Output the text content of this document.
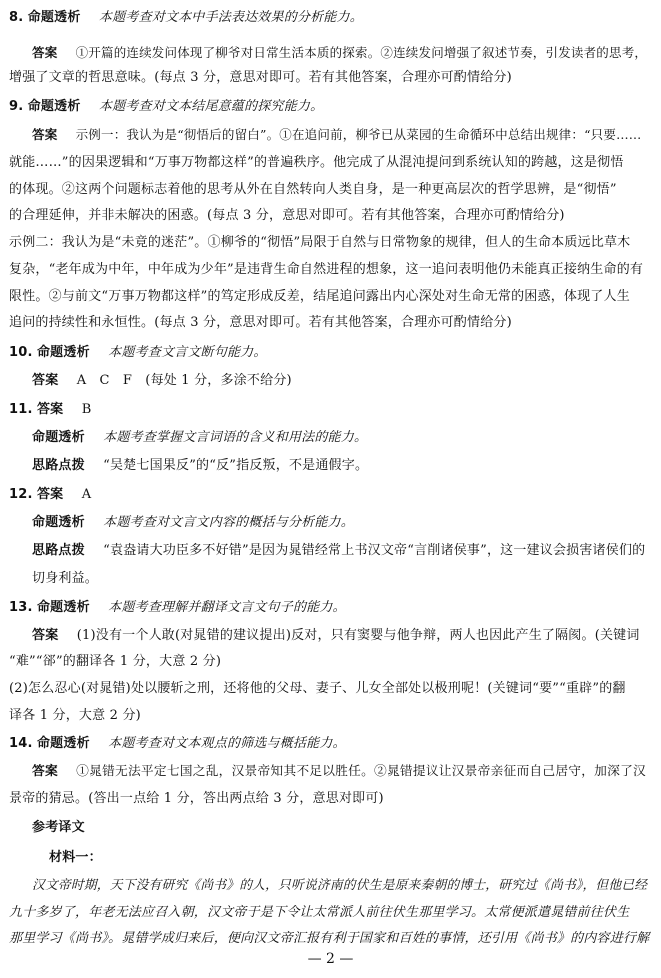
8. 命题透析 本题考查对文本中手法表达效果的分析能力。
答案 ①开篇的连续发问体现了柳爷对日常生活本质的探索。②连续发问增强了叙述节奏，引发读者的思考，
增强了文章的哲思意味。(每点 3 分，意思对即可。若有其他答案，合理亦可酌情给分)
9. 命题透析 本题考查对文本结尾意蕴的探究能力。
答案 示例一：我认为是“彻悟后的留白”。①在追问前，柳爷已从菜园的生命循环中总结出规律：“只要……
就能……”的因果逻辑和“万事万物都这样”的普遍秩序。他完成了从混沌提问到系统认知的跨越，这是彻悟
的体现。②这两个问题标志着他的思考从外在自然转向人类自身，是一种更高层次的哲学思辨，是“彻悟”
的合理延伸，并非未解决的困惑。(每点 3 分，意思对即可。若有其他答案，合理亦可酌情给分)
示例二：我认为是“未竟的迷茫”。①柳爷的“彻悟”局限于自然与日常物象的规律，但人的生命本质远比草木
复杂，“老年成为中年，中年成为少年”是违背生命自然进程的想象，这一追问表明他仍未能真正接纳生命的有
限性。②与前文“万事万物都这样”的笃定形成反差，结尾追问露出内心深处对生命无常的困惑，体现了人生
追问的持续性和永恒性。(每点 3 分，意思对即可。若有其他答案，合理亦可酌情给分)
10. 命题透析 本题考查文言文断句能力。
答案 A　C　F　(每处 1 分，多涂不给分)
11. 答案 B
命题透析 本题考查掌握文言词语的含义和用法的能力。
思路点拨 “吴楚七国果反”的“反”指反叛，不是通假字。
12. 答案 A
命题透析 本题考查对文言文内容的概括与分析能力。
思路点拨 “袁盎请大功臣多不好错”是因为晁错经常上书汉文帝“言削诸侯事”，这一建议会损害诸侯们的
切身利益。
13. 命题透析 本题考查理解并翻译文言文句子的能力。
答案 (1)没有一个人敢(对晁错的建议提出)反对，只有窦婴与他争辩，两人也因此产生了隔阂。(关键词
“难”“郤”的翻译各 1 分，大意 2 分)
(2)怎么忍心(对晁错)处以腰斩之刑，还将他的父母、妻子、儿女全部处以极刑呢！(关键词“要”“重辟”的翻
译各 1 分，大意 2 分)
14. 命题透析 本题考查对文本观点的筛选与概括能力。
答案 ①晁错无法平定七国之乱，汉景帝知其不足以胜任。②晁错提议让汉景帝亲征而自己居守，加深了汉
景帝的猜忌。(答出一点给 1 分，答出两点给 3 分，意思对即可)
参考译文
材料一：
汉文帝时期，天下没有研究《尚书》的人，只听说济南的伏生是原来秦朝的博士，研究过《尚书》，但他已经
九十多岁了，年老无法应召入朝，汉文帝于是下令让太常派人前往伏生那里学习。太常便派遣晁错前往伏生
那里学习《尚书》。晁错学成归来后，便向汉文帝汇报有利于国家和百姓的事情，还引用《尚书》的内容进行解
— 2 —
